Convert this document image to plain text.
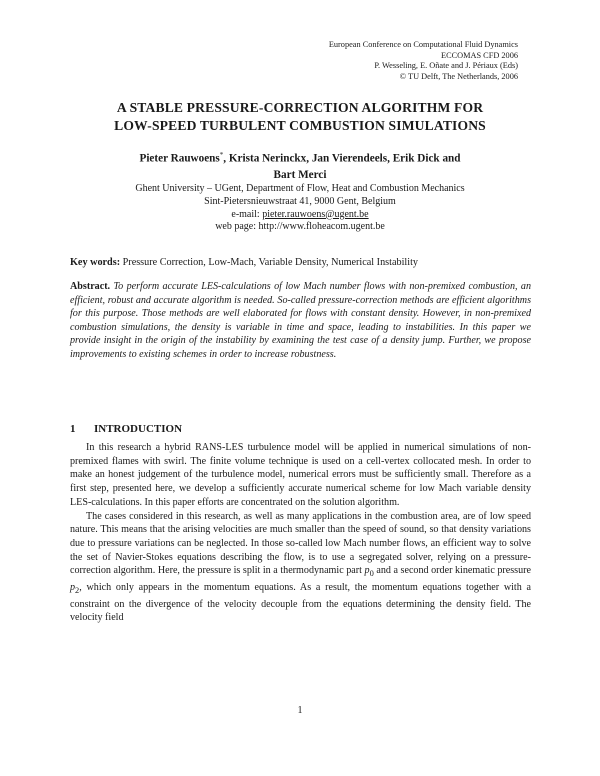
European Conference on Computational Fluid Dynamics
ECCOMAS CFD 2006
P. Wesseling, E. Oñate and J. Périaux (Eds)
© TU Delft, The Netherlands, 2006
A STABLE PRESSURE-CORRECTION ALGORITHM FOR
LOW-SPEED TURBULENT COMBUSTION SIMULATIONS
Pieter Rauwoens*, Krista Nerinckx, Jan Vierendeels, Erik Dick and
Bart Merci
Ghent University – UGent, Department of Flow, Heat and Combustion Mechanics
Sint-Pietersnieuwstraat 41, 9000 Gent, Belgium
e-mail: pieter.rauwoens@ugent.be
web page: http://www.floheacom.ugent.be
Key words: Pressure Correction, Low-Mach, Variable Density, Numerical Instability
Abstract. To perform accurate LES-calculations of low Mach number flows with non-premixed combustion, an efficient, robust and accurate algorithm is needed. So-called pressure-correction methods are efficient algorithms for this purpose. Those methods are well elaborated for flows with constant density. However, in non-premixed combustion simulations, the density is variable in time and space, leading to instabilities. In this paper we provide insight in the origin of the instability by examining the test case of a density jump. Further, we propose improvements to existing schemes in order to increase robustness.
1 INTRODUCTION

In this research a hybrid RANS-LES turbulence model will be applied in numerical simulations of non-premixed flames with swirl. The finite volume technique is used on a cell-vertex collocated mesh. In order to make an honest judgement of the turbulence model, numerical errors must be sufficiently small. Therefore as a first step, presented here, we develop a sufficiently accurate numerical scheme for low Mach variable density LES-calculations. In this paper efforts are concentrated on the solution algorithm.

The cases considered in this research, as well as many applications in the combustion area, are of low speed nature. This means that the arising velocities are much smaller than the speed of sound, so that density variations due to pressure variations can be neglected. In those so-called low Mach number flows, an efficient way to solve the set of Navier-Stokes equations describing the flow, is to use a segregated solver, relying on a pressure-correction algorithm. Here, the pressure is split in a thermodynamic part $p_0$ and a second order kinematic pressure $p_2$, which only appears in the momentum equations. As a result, the momentum equations together with a constraint on the divergence of the velocity decouple from the equations determining the density field. The velocity field

1
